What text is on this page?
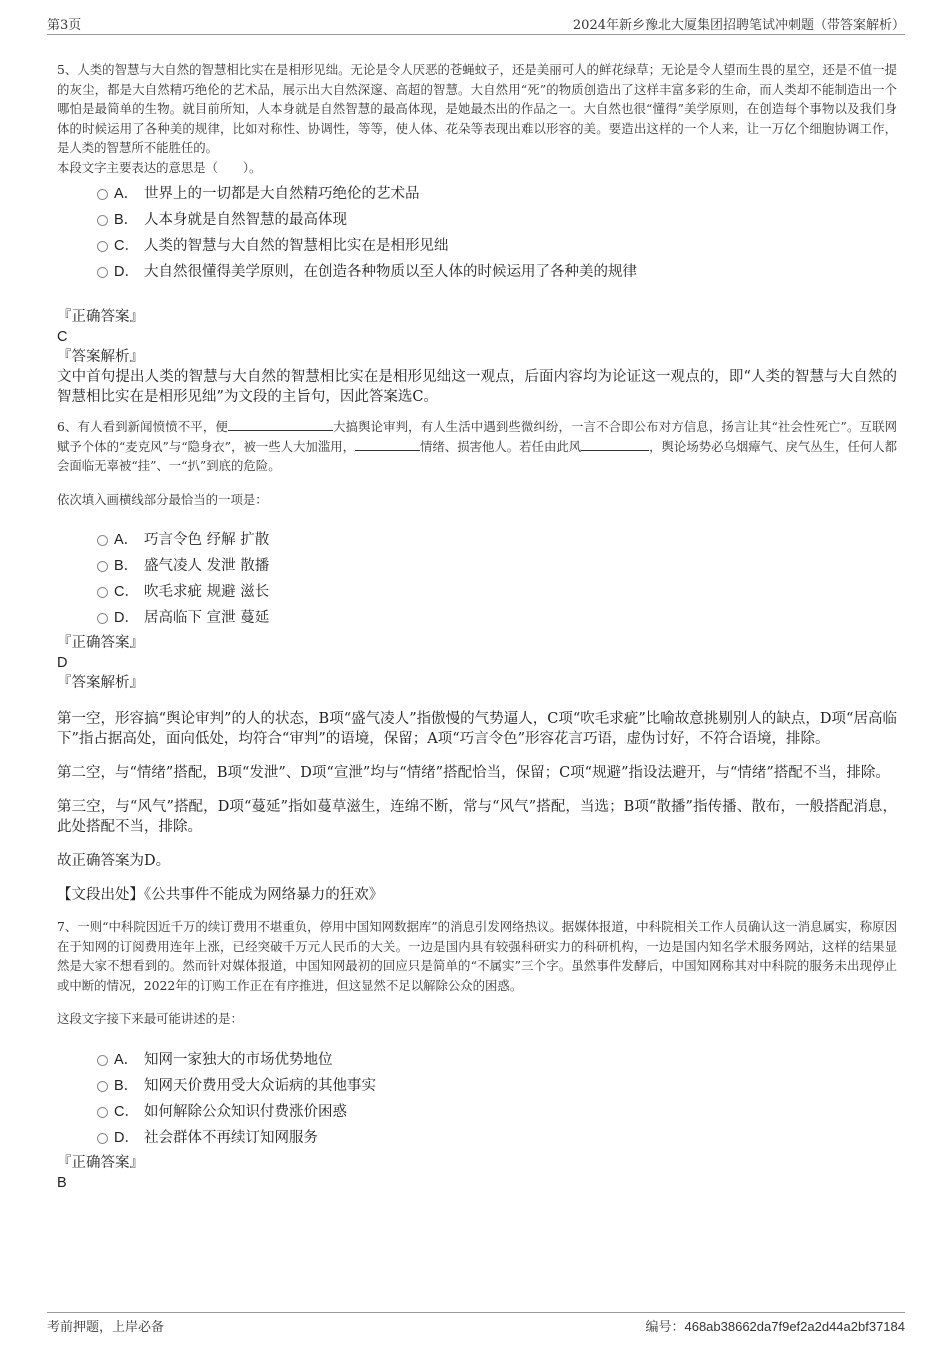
第3页	2024年新乡豫北大厦集团招聘笔试冲刺题（带答案解析）

5、人类的智慧与大自然的智慧相比实在是相形见绌。无论是令人厌恶的苍蝇蚊子，还是美丽可人的鲜花绿草；无论是令人望而生畏的星空，还是不值一提的灰尘，都是大自然精巧绝伦的艺术品，展示出大自然深邃、高超的智慧。大自然用“死”的物质创造出了这样丰富多彩的生命，而人类却不能制造出一个哪怕是最简单的生物。就目前所知，人本身就是自然智慧的最高体现，是她最杰出的作品之一。大自然也很“懂得”美学原则，在创造每个事物以及我们身体的时候运用了各种美的规律，比如对称性、协调性，等等，使人体、花朵等表现出难以形容的美。要造出这样的一个人来，让一万亿个细胞协调工作，是人类的智慧所不能胜任的。

本段文字主要表达的意思是（　　）。

A． 世界上的一切都是大自然精巧绝伦的艺术品
B． 人本身就是自然智慧的最高体现
C． 人类的智慧与大自然的智慧相比实在是相形见绌
D． 大自然很懂得美学原则，在创造各种物质以至人体的时候运用了各种美的规律

『正确答案』

C

『答案解析』

文中首句提出人类的智慧与大自然的智慧相比实在是相形见绌这一观点，后面内容均为论证这一观点的，即“人类的智慧与大自然的智慧相比实在是相形见绌”为文段的主旨句，因此答案选C。

6、有人看到新闻愤愤不平，便	大搞舆论审判，有人生活中遇到些微纠纷，一言不合即公布对方信息，扬言让其“社会性死亡”。互联网赋予个体的“麦克风”与“隐身衣”，被一些人大加滥用，	情绪、损害他人。若任由此风	，舆论场势必乌烟瘴气、戾气丛生，任何人都会面临无辜被“挂”、一“扒”到底的危险。

依次填入画横线部分最恰当的一项是：

A． 巧言令色 纾解 扩散
B． 盛气凌人 发泄 散播
C． 吹毛求疵 规避 滋长
D． 居高临下 宣泄 蔓延

『正确答案』

D

『答案解析』

第一空，形容搞“舆论审判”的人的状态，B项“盛气凌人”指傲慢的气势逼人，C项“吹毛求疵”比喻故意挑剔别人的缺点，D项“居高临下”指占据高处，面向低处，均符合“审判”的语境，保留；A项“巧言令色”形容花言巧语，虚伪讨好，不符合语境，排除。

第二空，与“情绪”搭配，B项“发泄”、D项“宣泄”均与“情绪”搭配恰当，保留；C项“规避”指设法避开，与“情绪”搭配不当，排除。

第三空，与“风气”搭配，D项“蔓延”指如蔓草滋生，连绵不断，常与“风气”搭配，当选；B项“散播”指传播、散布，一般搭配消息，此处搭配不当，排除。

故正确答案为D。

【文段出处】《公共事件不能成为网络暴力的狂欢》

7、一则“中科院因近千万的续订费用不堪重负，停用中国知网数据库”的消息引发网络热议。据媒体报道，中科院相关工作人员确认这一消息属实，称原因在于知网的订阅费用连年上涨，已经突破千万元人民币的大关。一边是国内具有较强科研实力的科研机构，一边是国内知名学术服务网站，这样的结果显然是大家不想看到的。然而针对媒体报道，中国知网最初的回应只是简单的“不属实”三个字。虽然事件发酵后，中国知网称其对中科院的服务未出现停止或中断的情况，2022年的订购工作正在有序推进，但这显然不足以解除公众的困惑。

这段文字接下来最可能讲述的是：

A． 知网一家独大的市场优势地位
B． 知网天价费用受大众诟病的其他事实
C． 如何解除公众知识付费涨价困惑
D． 社会群体不再续订知网服务

『正确答案』

B

考前押题，上岸必备	编号：468ab38662da7f9ef2a2d44a2bf37184
